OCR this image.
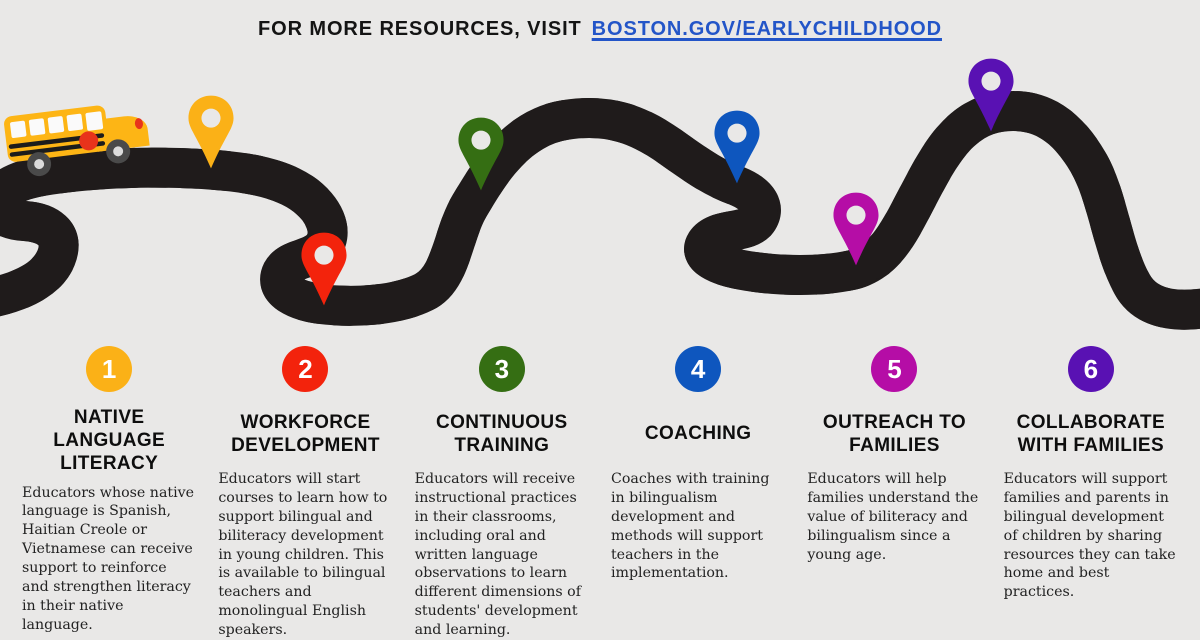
FOR MORE RESOURCES, VISIT BOSTON.GOV/EARLYCHILDHOOD
1
NATIVE LANGUAGE
LITERACY

Educators whose native language is Spanish, Haitian Creole or Vietnamese can receive support to reinforce and strengthen literacy in their native language.

2
WORKFORCE
DEVELOPMENT

Educators will start courses to learn how to support bilingual and biliteracy development in young children. This is available to bilingual teachers and monolingual English speakers.

3
CONTINUOUS
TRAINING

Educators will receive instructional practices in their classrooms, including oral and written language observations to learn different dimensions of students' development and learning.

4
COACHING

Coaches with training in bilingualism development and methods will support teachers in the implementation.

5
OUTREACH TO
FAMILIES

Educators will help families understand the value of biliteracy and bilingualism since a young age.

6
COLLABORATE
WITH FAMILIES

Educators will support families and parents in bilingual development of children by sharing resources they can take home and best practices.
